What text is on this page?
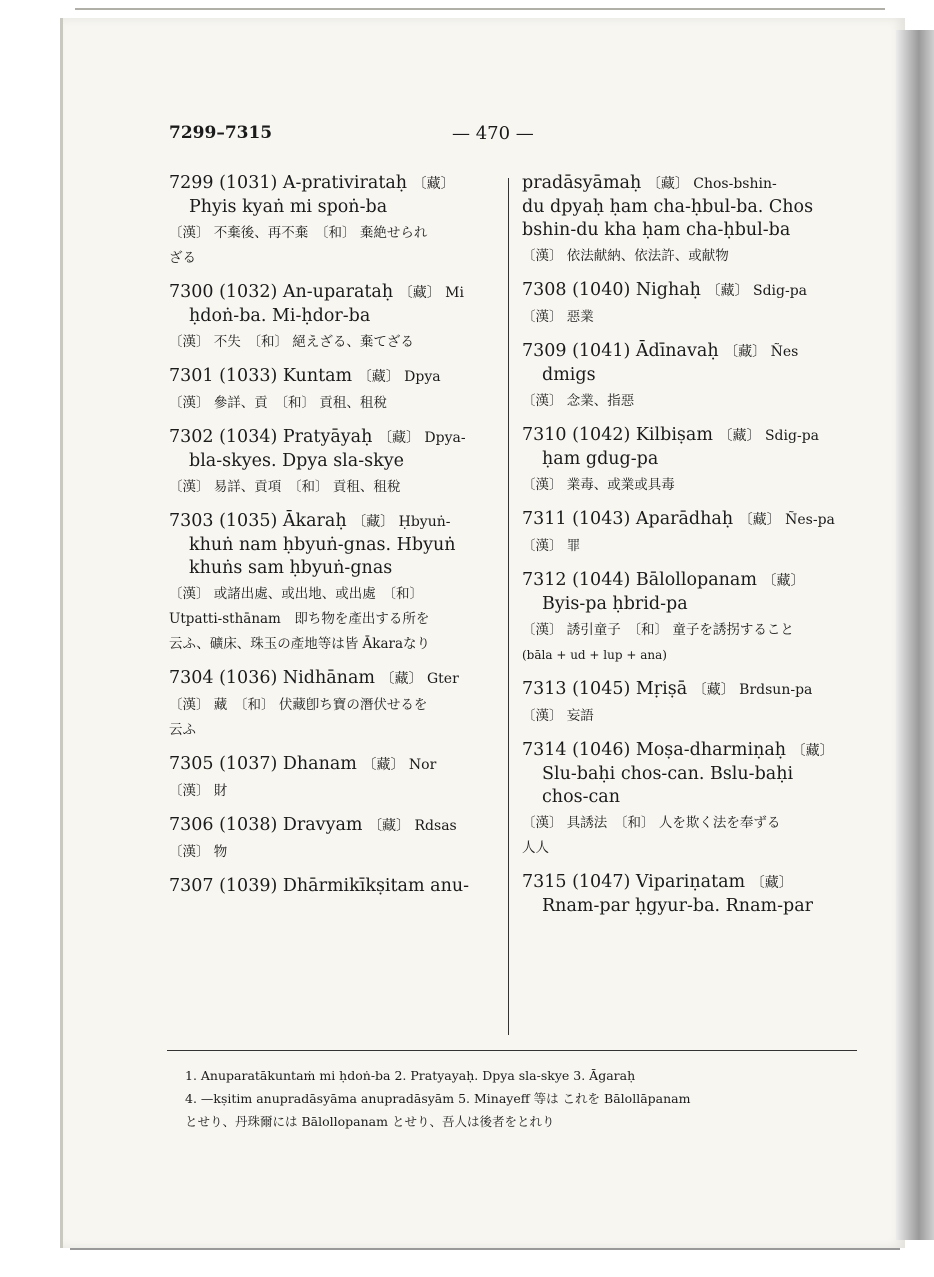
7299–7315	— 470 —
7299 (1031) A-prativirataḥ 〔藏〕
Phyis kyaṅ mi spoṅ-ba
〔漢〕 不棄後、再不棄　〔和〕 棄絶せられ
ざる
7300 (1032) An-uparataḥ 〔藏〕 Mi
ḥdoṅ-ba. Mi-ḥdor-ba
〔漢〕 不失　〔和〕 絕えざる、棄てざる
7301 (1033) Kuntam 〔藏〕 Dpya
〔漢〕 參詳、貢　〔和〕 貢租、租稅
7302 (1034) Pratyāyaḥ 〔藏〕 Dpya-
bla-skyes. Dpya sla-skye
〔漢〕 易詳、貢項　〔和〕 貢租、租稅
7303 (1035) Ākaraḥ 〔藏〕 Ḥbyuṅ-
khuṅ nam ḥbyuṅ-gnas. Hbyuṅ
khuṅs sam ḥbyuṅ-gnas
〔漢〕 或諸出處、或出地、或出處　〔和〕
Utpatti-sthānam　即ち物を產出する所を
云ふ、礦床、珠玉の產地等は皆 Ākaraなり
7304 (1036) Nidhānam 〔藏〕 Gter
〔漢〕 藏　〔和〕 伏藏卽ち寶の潛伏せるを
云ふ
7305 (1037) Dhanam 〔藏〕 Nor
〔漢〕 財
7306 (1038) Dravyam 〔藏〕 Rdsas
〔漢〕 物
7307 (1039) Dhārmikīkṣitam anu-
pradāsyāmaḥ 〔藏〕 Chos-bshin-
du dpyaḥ ḥam cha-ḥbul-ba. Chos
bshin-du kha ḥam cha-ḥbul-ba
〔漢〕 依法献納、依法許、或献物
7308 (1040) Nighaḥ 〔藏〕 Sdig-pa
〔漢〕 惡業
7309 (1041) Ādīnavaḥ 〔藏〕 Ñes
dmigs
〔漢〕 念業、指惡
7310 (1042) Kilbiṣam 〔藏〕 Sdig-pa
ḥam gdug-pa
〔漢〕 業毒、或業或具毒
7311 (1043) Aparādhaḥ 〔藏〕 Ñes-pa
〔漢〕 罪
7312 (1044) Bālollopanam 〔藏〕
Byis-pa ḥbrid-pa
〔漢〕 誘引童子　〔和〕 童子を誘拐すること
(bāla + ud + lup + ana)
7313 (1045) Mṛiṣā 〔藏〕 Brdsun-pa
〔漢〕 妄語
7314 (1046) Moṣa-dharmiṇaḥ 〔藏〕
Slu-baḥi chos-can. Bslu-baḥi
chos-can
〔漢〕 具誘法　〔和〕 人を欺く法を奉ずる
人人
7315 (1047) Vipariṇatam 〔藏〕
Rnam-par ḥgyur-ba. Rnam-par
1. Anuparatākuntaṁ mi ḥdoṅ-ba 2. Pratyayaḥ. Dpya sla-skye 3. Āgaraḥ
4. —kṣitim anupradāsyāma anupradāsyām 5. Minayeff 等は これを Bālollāpanam
とせり、丹珠爾には Bālollopanam とせり、吾人は後者をとれり
